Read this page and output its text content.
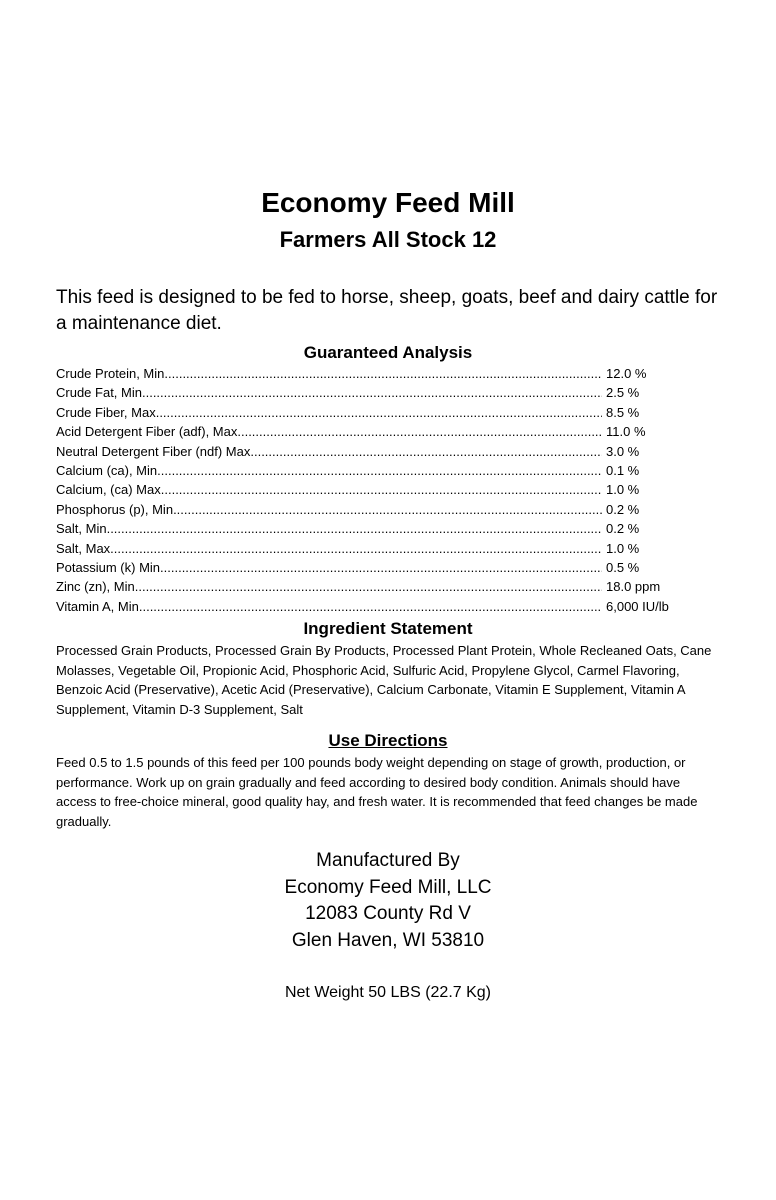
Economy Feed Mill
Farmers All Stock 12

This feed is designed to be fed to horse, sheep, goats, beef and dairy cattle for a maintenance diet.

Guaranteed Analysis
Crude Protein, Min. .....	12.0 %
Crude Fat, Min .....	2.5 %
Crude Fiber, Max .....	8.5 %
Acid Detergent Fiber (adf), Max .....	11.0 %
Neutral Detergent Fiber (ndf) Max .....	3.0 %
Calcium (ca), Min. .....	0.1 %
Calcium, (ca) Max .....	1.0 %
Phosphorus (p), Min .....	0.2 %
Salt, Min .....	0.2 %
Salt, Max. .....	1.0 %
Potassium (k) Min. .....	0.5 %
Zinc (zn), Min .....	18.0 ppm
Vitamin A, Min .....	6,000 IU/lb
Ingredient Statement

Processed Grain Products, Processed Grain By Products, Processed Plant Protein, Whole Recleaned Oats, Cane Molasses, Vegetable Oil, Propionic Acid, Phosphoric Acid, Sulfuric Acid, Propylene Glycol, Carmel Flavoring, Benzoic Acid (Preservative), Acetic Acid (Preservative), Calcium Carbonate, Vitamin E Supplement, Vitamin A Supplement, Vitamin D-3 Supplement, Salt

Use Directions

Feed 0.5 to 1.5 pounds of this feed per 100 pounds body weight depending on stage of growth, production, or performance. Work up on grain gradually and feed according to desired body condition. Animals should have access to free-choice mineral, good quality hay, and fresh water. It is recommended that feed changes be made gradually.

Manufactured By
Economy Feed Mill, LLC
12083 County Rd V
Glen Haven, WI 53810

Net Weight 50 LBS (22.7 Kg)
